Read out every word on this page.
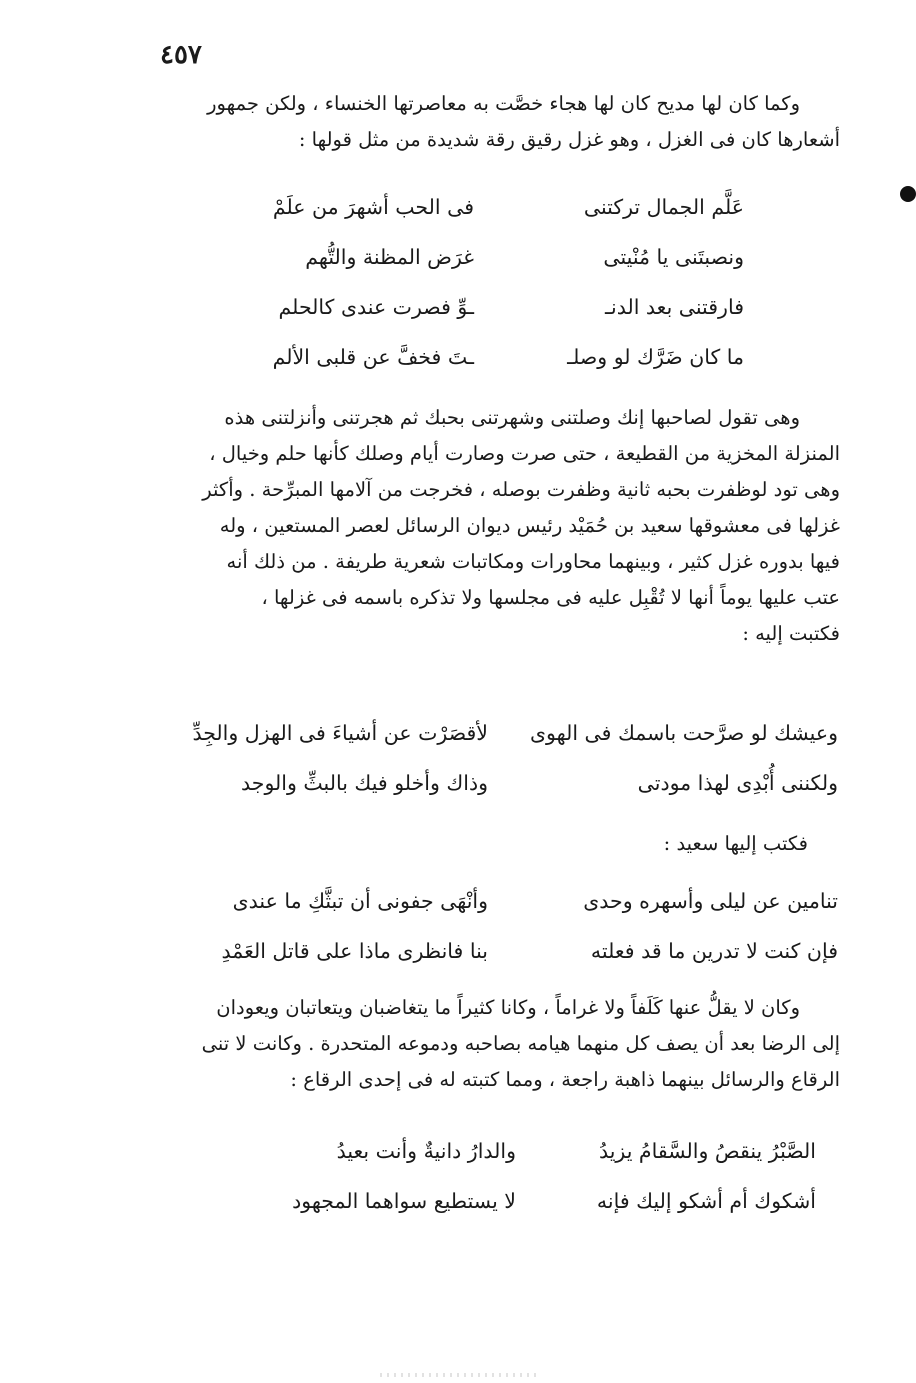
٤٥٧
وكما كان لها مديح كان لها هجاء خصَّت به معاصرتها الخنساء ، ولكن جمهور
أشعارها كان فى الغزل ، وهو غزل رقيق رقة شديدة من مثل قولها :
عَلَّم الجمال تركتنى
فى الحب أشهرَ من علَمْ
ونصبتَنى يا مُنْيتى
غرَض المظنة والتُّهم
فارقتنى بعد الدنـ
ـوِّ فصرت عندى كالحلم
ما كان ضَرَّك لو وصلـ
ـتَ فخفَّ عن قلبى الألم
وهى تقول لصاحبها إنك وصلتنى وشهرتنى بحبك ثم هجرتنى وأنزلتنى هذه
المنزلة المخزية من القطيعة ، حتى صرت وصارت أيام وصلك كأنها حلم وخيال ،
وهى تود لوظفرت بحبه ثانية وظفرت بوصله ، فخرجت من آلامها المبرِّحة . وأكثر
غزلها فى معشوقها سعيد بن حُمَيْد رئيس ديوان الرسائل لعصر المستعين ، وله
فيها بدوره غزل كثير ، وبينهما محاورات ومكاتبات شعرية طريفة . من ذلك أنه
عتب عليها يوماً أنها لا تُقْبِل عليه فى مجلسها ولا تذكره باسمه فى غزلها ،
فكتبت إليه :
وعيشك لو صرَّحت باسمك فى الهوى
لأقصَرْت عن أشياءَ فى الهزل والجِدِّ
ولكننى أُبْدِى لهذا مودتى
وذاك وأخلو فيك بالبثِّ والوجد
فكتب إليها سعيد :
تنامين عن ليلى وأسهره وحدى
وأنْهَى جفونى أن تبثَّكِ ما عندى
فإن كنت لا تدرين ما قد فعلته
بنا فانظرى ماذا على قاتل العَمْدِ
وكان لا يقلُّ عنها كَلَفاً ولا غراماً ، وكانا كثيراً ما يتغاضبان ويتعاتبان ويعودان
إلى الرضا بعد أن يصف كل منهما هيامه بصاحبه ودموعه المتحدرة . وكانت لا تنى
الرقاع والرسائل بينهما ذاهبة راجعة ، ومما كتبته له فى إحدى الرقاع :
الصَّبْرُ ينقصُ والسَّقامُ يزيدُ
والدارُ دانيةٌ وأنت بعيدُ
أشكوك أم أشكو إليك فإنه
لا يستطيع سواهما المجهود
